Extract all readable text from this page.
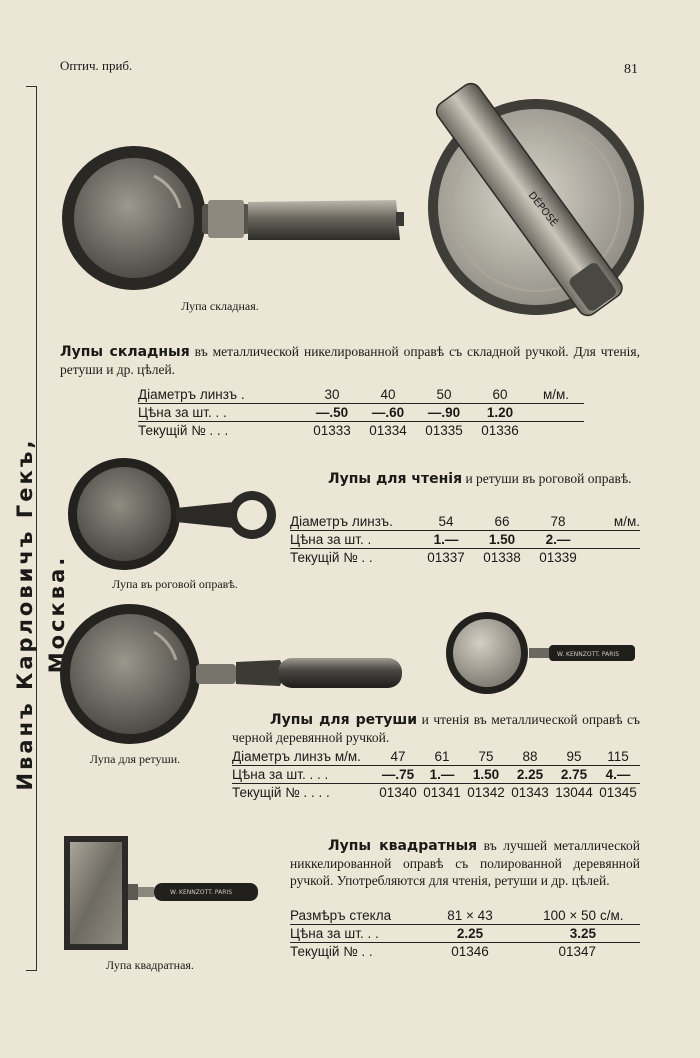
Оптич. приб.	81
Иванъ Карловичъ Гекъ, Москва.
Лупа складная.
DÉPOSÉ
Лупы складныя въ металлической никелированной оправѣ съ складной ручкой. Для чтенія, ретуши и др. цѣлей.
Діаметръ линзъ .	30	40	50	60	м/м.
Цѣна за шт. . .	—.50	—.60	—.90	1.20	
Текущій № . . .	01333	01334	01335	01336	
Лупа въ роговой оправѣ.
Лупы для чтенія и ретуши въ роговой оправѣ.
Діаметръ линзъ.	54	66	78	м/м.
Цѣна за шт. .	1.—	1.50	2.—	
Текущій № . .	01337	01338	01339	
W. KENNZOTT. PARIS
Лупа для ретуши.
Лупы для ретуши и чтенія въ металлической оправѣ съ черной деревянной ручкой.
Діаметръ линзъ м/м.	47	61	75	88	95	115
Цѣна за шт. . . .	—.75	1.—	1.50	2.25	2.75	4.—
Текущій № . . . .	01340	01341	01342	01343	13044	01345
W. KENNZOTT. PARIS
Лупа квадратная.
Лупы квадратныя въ лучшей металлической никкелированной оправѣ съ полированной деревянной ручкой. Употребляются для чтенія, ретуши и др. цѣлей.
Размѣръ стекла	81 × 43	100 × 50	с/м.
Цѣна за шт. . .	2.25	3.25	
Текущій № . .	01346	01347	
